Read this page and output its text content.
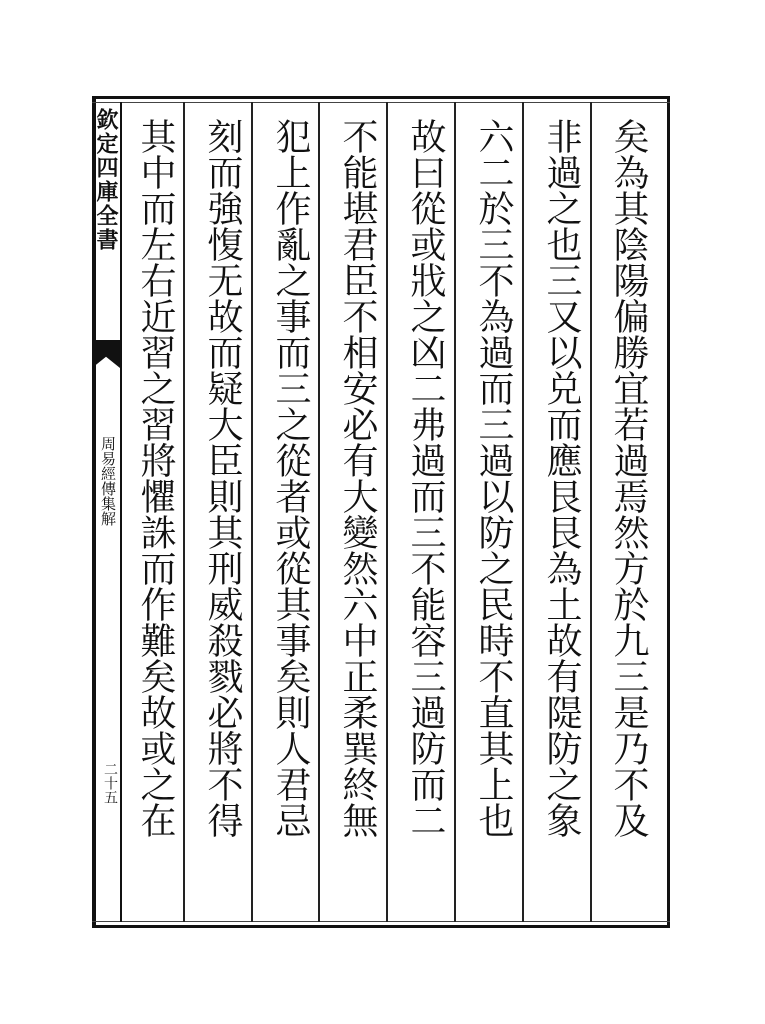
欽定四庫全書
周易經傳集解
二十五	矣為其陰陽偏勝宜若過焉然方於九三是乃不及
非過之也三又以兑而應艮艮為土故有隄防之象
六二於三不為過而三過以防之民時不直其上也
故曰從或戕之凶二弗過而三不能容三過防而二
不能堪君臣不相安必有大變然六中正柔巽終無
犯上作亂之事而三之從者或從其事矣則人君忌
刻而強愎无故而疑大臣則其刑威殺戮必將不得
其中而左右近習之習將懼誅而作難矣故或之在
